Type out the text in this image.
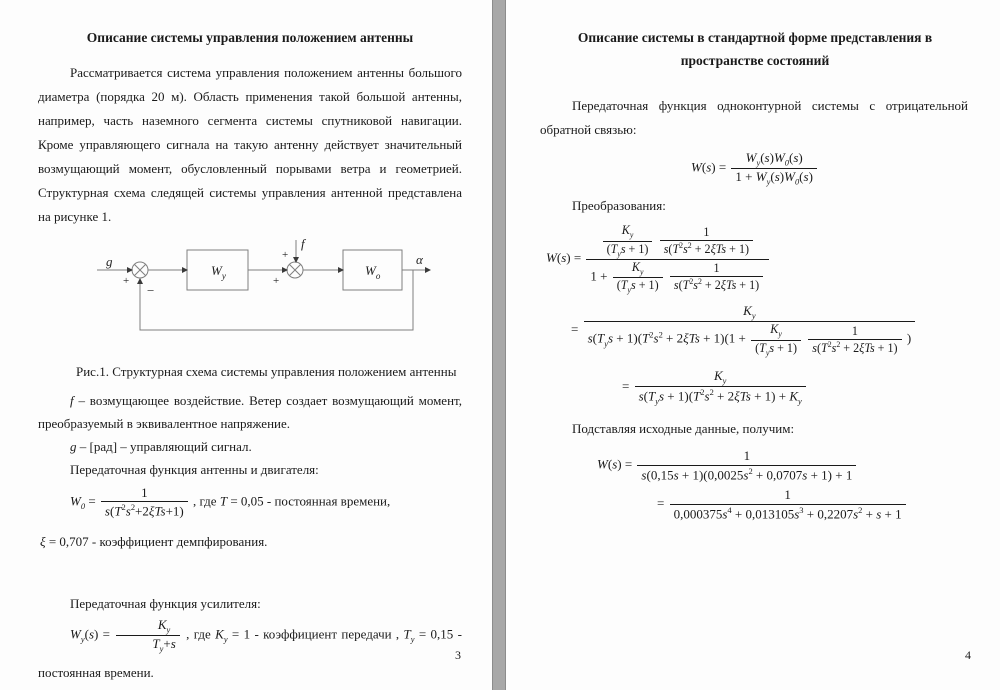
Описание системы управления положением антенны
Рассматривается система управления положением антенны большого диаметра (порядка 20 м). Область применения такой большой антенны, например, часть наземного сегмента системы спутниковой навигации. Кроме управляющего сигнала на такую антенну действует значительный возмущающий момент, обусловленный порывами ветра и геометрией. Структурная схема следящей системы управления антенной представлена на рисунке 1.
g
+
−
$W_y$
f
+
+
$W_o$
α
Рис.1. Структурная схема системы управления положением антенны
f – возмущающее воздействие. Ветер создает возмущающий момент, преобразуемый в эквивалентное напряжение.
g – [рад] – управляющий сигнал.
Передаточная функция антенны и двигателя:
$W_0 = \frac{1}{s(T^2s^2+2\xi Ts+1)}$ , где T = 0,05 - постоянная времени,
ξ = 0,707 - коэффициент демпфирования.
Передаточная функция усилителя:
$W_y(s) = \frac{K_y}{T_y+s}$ , где $K_y = 1$ - коэффициент передачи , $T_y = 0,15$ - постоянная времени.
3
Описание системы в стандартной форме представления в пространстве состояний
Передаточная функция одноконтурной системы с отрицательной обратной связью:
$W(s) = \frac{W_y(s)W_0(s)}{1 + W_y(s)W_0(s)}$
Преобразования:
$W(s) = \frac{K_y}{(T_ys + 1)}$
$\frac{1}{s(T^2s^2 + 2\xi Ts + 1)}$
$1 + \frac{K_y}{(T_ys + 1)}$
$\frac{1}{s(T^2s^2 + 2\xi Ts + 1)}$
=
$K_y$
$s(T_ys + 1)(T^2s^2 + 2\xi Ts + 1)(1 + \frac{K_y}{(T_ys + 1)}$
$\frac{1}{s(T^2s^2 + 2\xi Ts + 1)}$ )
= $\frac{K_y}{s(T_ys + 1)(T^2s^2 + 2\xi Ts + 1) + K_y}$
Подставляя исходные данные, получим:
$W(s) = \frac{1}{s(0,15s + 1)(0,0025s^2 + 0,0707s + 1) + 1}$
= $\frac{1}{0,000375s^4 + 0,013105s^3 + 0,2207s^2 + s + 1}$
4
